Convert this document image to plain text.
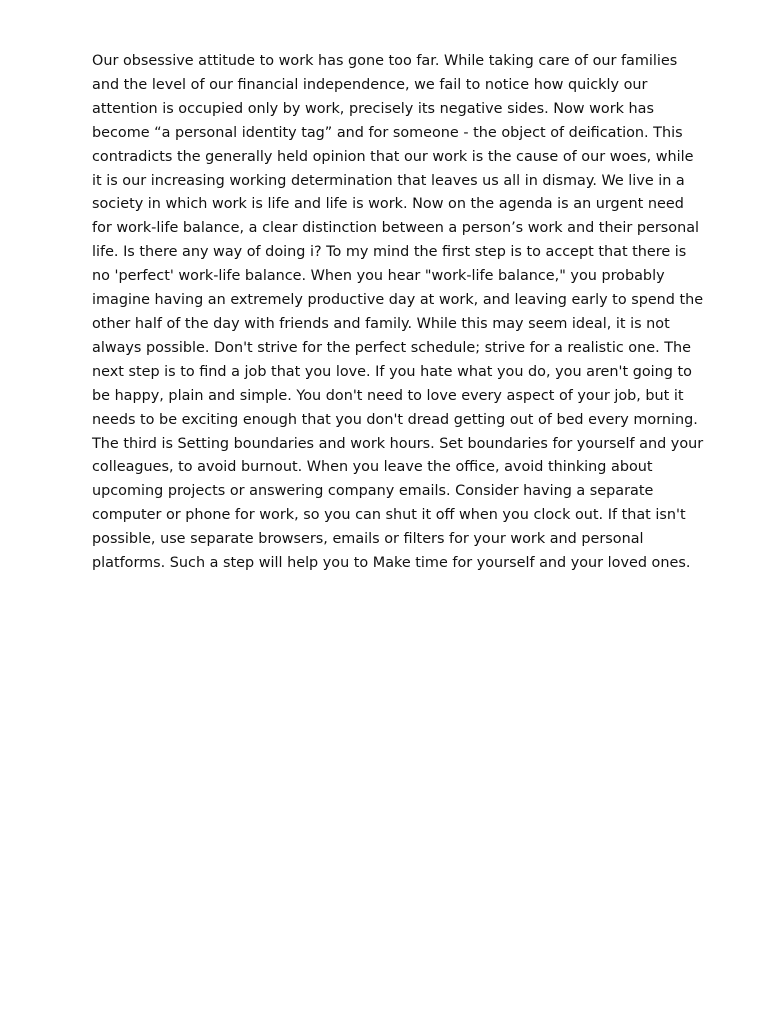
Our obsessive attitude to work has gone too far. While taking care of our families
and the level of our financial independence, we fail to notice how quickly our
attention is occupied only by work, precisely its negative sides. Now work has
become “a personal identity tag” and for someone - the object of deification. This
contradicts the generally held opinion that our work is the cause of our woes, while
it is our increasing working determination that leaves us all in dismay. We live in a
society in which work is life and life is work. Now on the agenda is an urgent need
for work-life balance, a clear distinction between a person’s work and their personal
life. Is there any way of doing i? To my mind the first step is to accept that there is
no 'perfect' work-life balance. When you hear "work-life balance," you probably
imagine having an extremely productive day at work, and leaving early to spend the
other half of the day with friends and family. While this may seem ideal, it is not
always possible. Don't strive for the perfect schedule; strive for a realistic one. The
next step is to find a job that you love. If you hate what you do, you aren't going to
be happy, plain and simple. You don't need to love every aspect of your job, but it
needs to be exciting enough that you don't dread getting out of bed every morning.
The third is Setting boundaries and work hours. Set boundaries for yourself and your
colleagues, to avoid burnout. When you leave the office, avoid thinking about
upcoming projects or answering company emails. Consider having a separate
computer or phone for work, so you can shut it off when you clock out. If that isn't
possible, use separate browsers, emails or filters for your work and personal
platforms. Such a step will help you to Make time for yourself and your loved ones.
